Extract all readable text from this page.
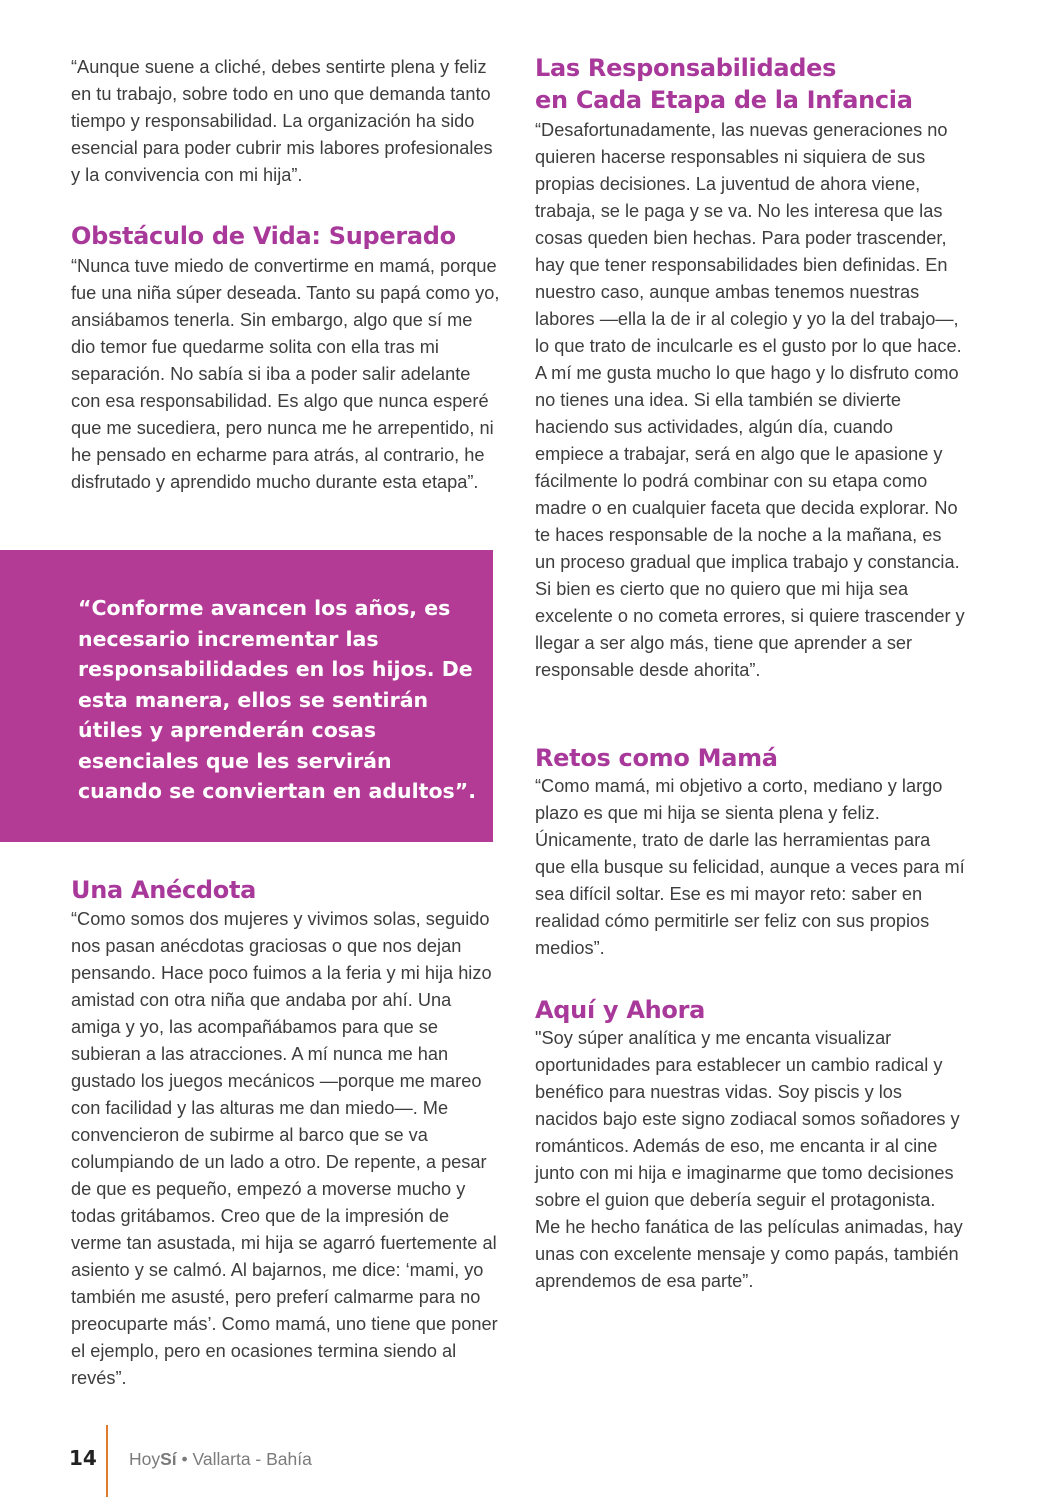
“Aunque suene a cliché, debes sentirte plena y feliz en tu trabajo, sobre todo en uno que demanda tanto tiempo y responsabilidad. La organización ha sido esencial para poder cubrir mis labores profesionales y la convivencia con mi hija”.

Obstáculo de Vida: Superado

“Nunca tuve miedo de convertirme en mamá, porque fue una niña súper deseada. Tanto su papá como yo, ansiábamos tenerla. Sin embargo, algo que sí me dio temor fue quedarme solita con ella tras mi separación. No sabía si iba a poder salir adelante con esa responsabilidad. Es algo que nunca esperé que me sucediera, pero nunca me he arrepentido, ni he pensado en echarme para atrás, al contrario, he disfrutado y aprendido mucho durante esta etapa”.

Una Anécdota

“Como somos dos mujeres y vivimos solas, seguido nos pasan anécdotas graciosas o que nos dejan pensando. Hace poco fuimos a la feria y mi hija hizo amistad con otra niña que andaba por ahí. Una amiga y yo, las acompañábamos para que se subieran a las atracciones. A mí nunca me han gustado los juegos mecánicos —porque me mareo con facilidad y las alturas me dan miedo—. Me convencieron de subirme al barco que se va columpiando de un lado a otro. De repente, a pesar de que es pequeño, empezó a moverse mucho y todas gritábamos. Creo que de la impresión de verme tan asustada, mi hija se agarró fuertemente al asiento y se calmó. Al bajarnos, me dice: ‘mami, yo también me asusté, pero preferí calmarme para no preocuparte más’. Como mamá, uno tiene que poner el ejemplo, pero en ocasiones termina siendo al revés”.

“Conforme avancen los años, es necesario incrementar las responsabilidades en los hijos. De esta manera, ellos se sentirán útiles y aprenderán cosas esenciales que les servirán cuando se conviertan en adultos”.

Las Responsabilidades
en Cada Etapa de la Infancia

“Desafortunadamente, las nuevas generaciones no quieren hacerse responsables ni siquiera de sus propias decisiones. La juventud de ahora viene, trabaja, se le paga y se va. No les interesa que las cosas queden bien hechas. Para poder trascender, hay que tener responsabilidades bien definidas. En nuestro caso, aunque ambas tenemos nuestras labores —ella la de ir al colegio y yo la del trabajo—, lo que trato de inculcarle es el gusto por lo que hace. A mí me gusta mucho lo que hago y lo disfruto como no tienes una idea. Si ella también se divierte haciendo sus actividades, algún día, cuando empiece a trabajar, será en algo que le apasione y fácilmente lo podrá combinar con su etapa como madre o en cualquier faceta que decida explorar. No te haces responsable de la noche a la mañana, es un proceso gradual que implica trabajo y constancia. Si bien es cierto que no quiero que mi hija sea excelente o no cometa errores, si quiere trascender y llegar a ser algo más, tiene que aprender a ser responsable desde ahorita”.

Retos como Mamá

“Como mamá, mi objetivo a corto, mediano y largo plazo es que mi hija se sienta plena y feliz. Únicamente, trato de darle las herramientas para que ella busque su felicidad, aunque a veces para mí sea difícil soltar. Ese es mi mayor reto: saber en realidad cómo permitirle ser feliz con sus propios medios”.

Aquí y Ahora

"Soy súper analítica y me encanta visualizar oportunidades para establecer un cambio radical y benéfico para nuestras vidas. Soy piscis y los nacidos bajo este signo zodiacal somos soñadores y románticos. Además de eso, me encanta ir al cine junto con mi hija e imaginarme que tomo decisiones sobre el guion que debería seguir el protagonista. Me he hecho fanática de las películas animadas, hay unas con excelente mensaje y como papás, también aprendemos de esa parte”.

14 HoySí • Vallarta - Bahía
